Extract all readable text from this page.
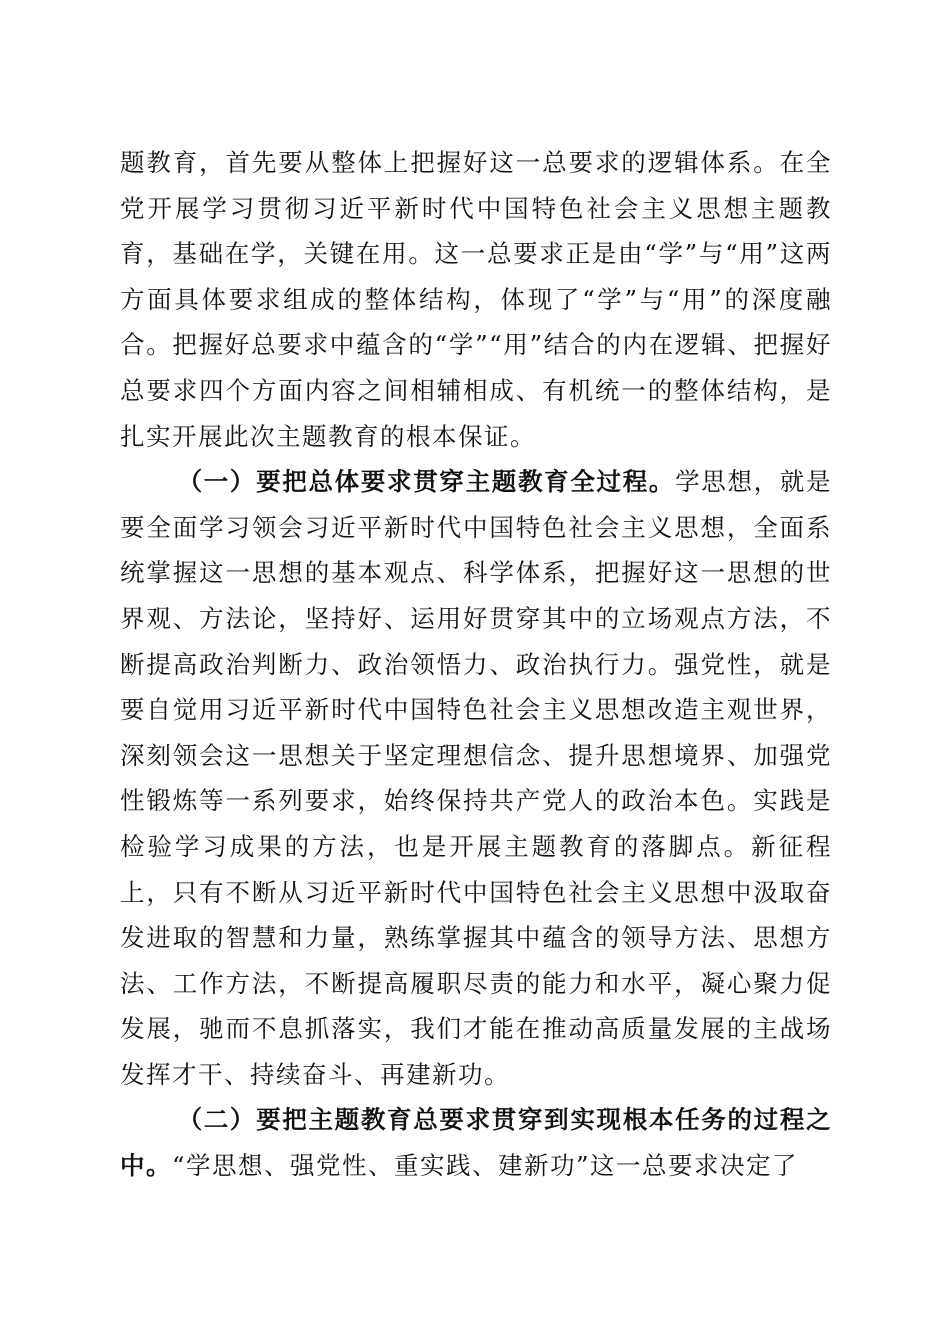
题教育，首先要从整体上把握好这一总要求的逻辑体系。在全党开展学习贯彻习近平新时代中国特色社会主义思想主题教育，基础在学，关键在用。这一总要求正是由“学”与“用”这两方面具体要求组成的整体结构，体现了“学”与“用”的深度融合。把握好总要求中蕴含的“学”“用”结合的内在逻辑、把握好总要求四个方面内容之间相辅相成、有机统一的整体结构，是扎实开展此次主题教育的根本保证。

（一）要把总体要求贯穿主题教育全过程。学思想，就是要全面学习领会习近平新时代中国特色社会主义思想，全面系统掌握这一思想的基本观点、科学体系，把握好这一思想的世界观、方法论，坚持好、运用好贯穿其中的立场观点方法，不断提高政治判断力、政治领悟力、政治执行力。强党性，就是要自觉用习近平新时代中国特色社会主义思想改造主观世界，深刻领会这一思想关于坚定理想信念、提升思想境界、加强党性锻炼等一系列要求，始终保持共产党人的政治本色。实践是检验学习成果的方法，也是开展主题教育的落脚点。新征程上，只有不断从习近平新时代中国特色社会主义思想中汲取奋发进取的智慧和力量，熟练掌握其中蕴含的领导方法、思想方法、工作方法，不断提高履职尽责的能力和水平，凝心聚力促发展，驰而不息抓落实，我们才能在推动高质量发展的主战场发挥才干、持续奋斗、再建新功。

（二）要把主题教育总要求贯穿到实现根本任务的过程之中。“学思想、强党性、重实践、建新功”这一总要求决定了
